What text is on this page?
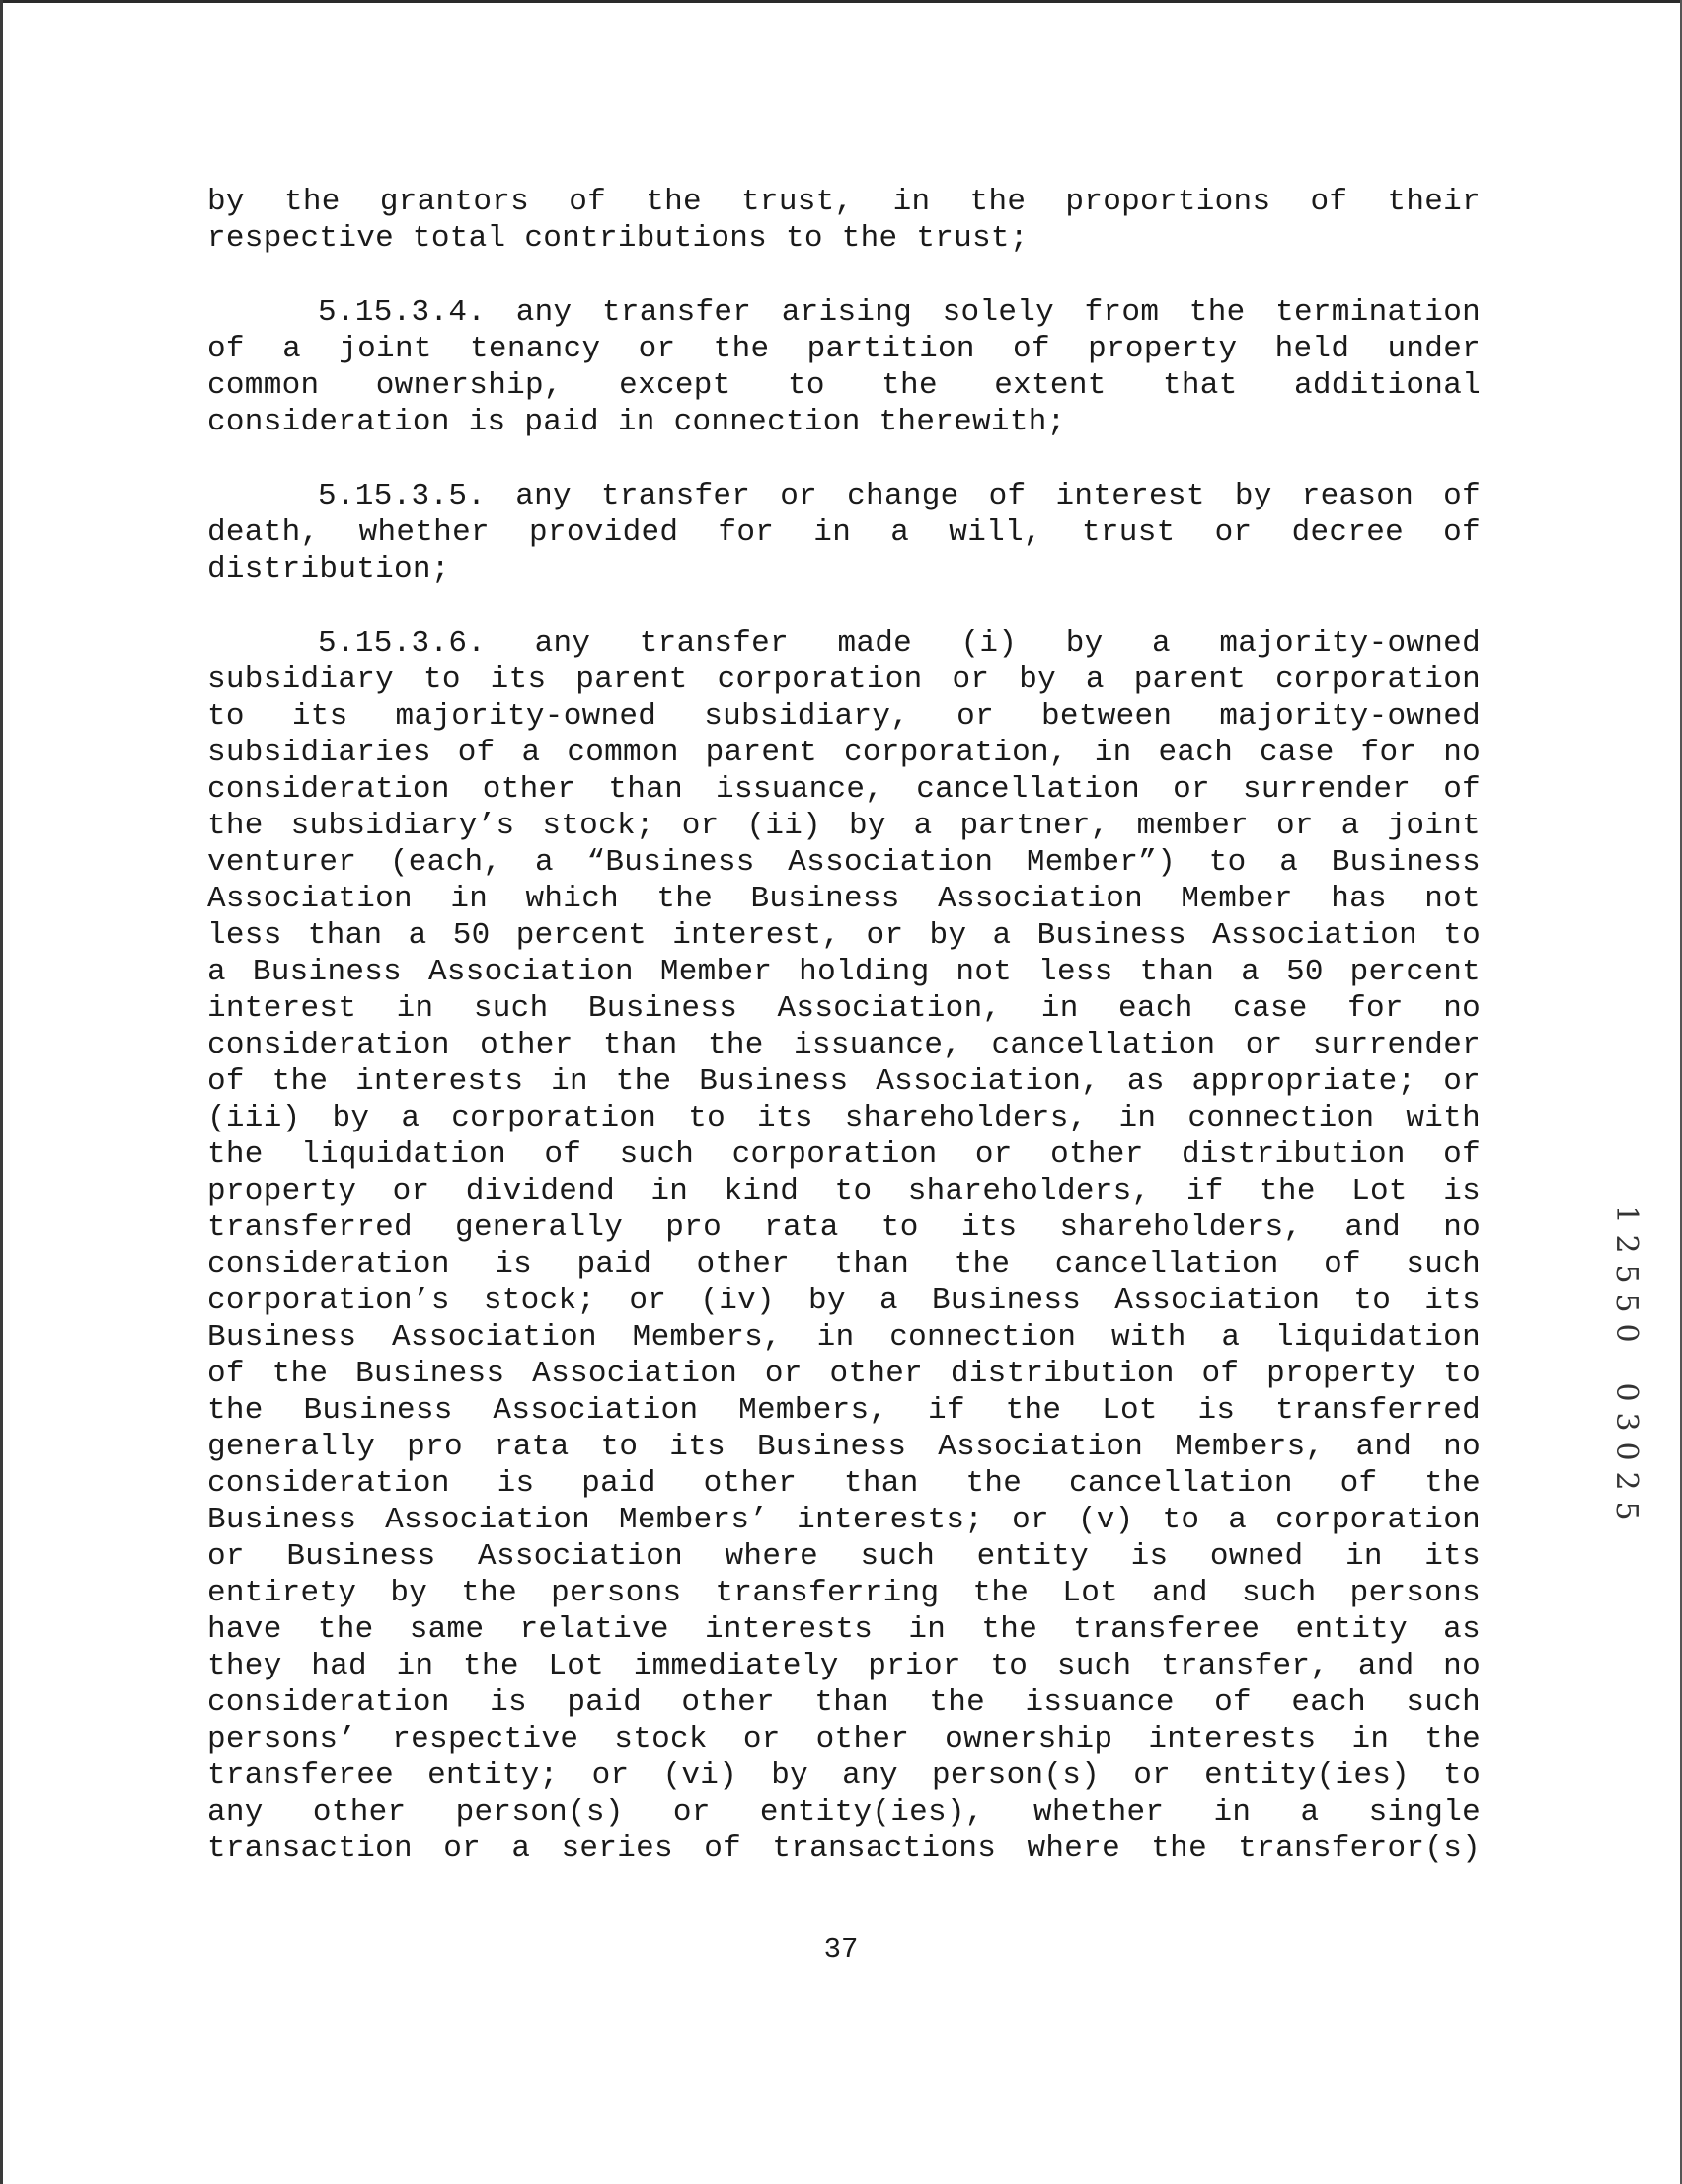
by the grantors of the trust, in the proportions of their
respective total contributions to the trust;

5.15.3.4. any transfer arising solely from the termination
of a joint tenancy or the partition of property held under
common ownership, except to the extent that additional
consideration is paid in connection therewith;

5.15.3.5. any transfer or change of interest by reason of
death, whether provided for in a will, trust or decree of
distribution;

5.15.3.6. any transfer made (i) by a majority-owned
subsidiary to its parent corporation or by a parent corporation
to its majority-owned subsidiary, or between majority-owned
subsidiaries of a common parent corporation, in each case for no
consideration other than issuance, cancellation or surrender of
the subsidiary’s stock; or (ii) by a partner, member or a joint
venturer (each, a “Business Association Member”) to a Business
Association in which the Business Association Member has not
less than a 50 percent interest, or by a Business Association to
a Business Association Member holding not less than a 50 percent
interest in such Business Association, in each case for no
consideration other than the issuance, cancellation or surrender
of the interests in the Business Association, as appropriate; or
(iii) by a corporation to its shareholders, in connection with
the liquidation of such corporation or other distribution of
property or dividend in kind to shareholders, if the Lot is
transferred generally pro rata to its shareholders, and no
consideration is paid other than the cancellation of such
corporation’s stock; or (iv) by a Business Association to its
Business Association Members, in connection with a liquidation
of the Business Association or other distribution of property to
the Business Association Members, if the Lot is transferred
generally pro rata to its Business Association Members, and no
consideration is paid other than the cancellation of the
Business Association Members’ interests; or (v) to a corporation
or Business Association where such entity is owned in its
entirety by the persons transferring the Lot and such persons
have the same relative interests in the transferee entity as
they had in the Lot immediately prior to such transfer, and no
consideration is paid other than the issuance of each such
persons’ respective stock or other ownership interests in the
transferee entity; or (vi) by any person(s) or entity(ies) to
any other person(s) or entity(ies), whether in a single
transaction or a series of transactions where the transferor(s)

37
1
2
5
5
0
0
3
0
2
5
